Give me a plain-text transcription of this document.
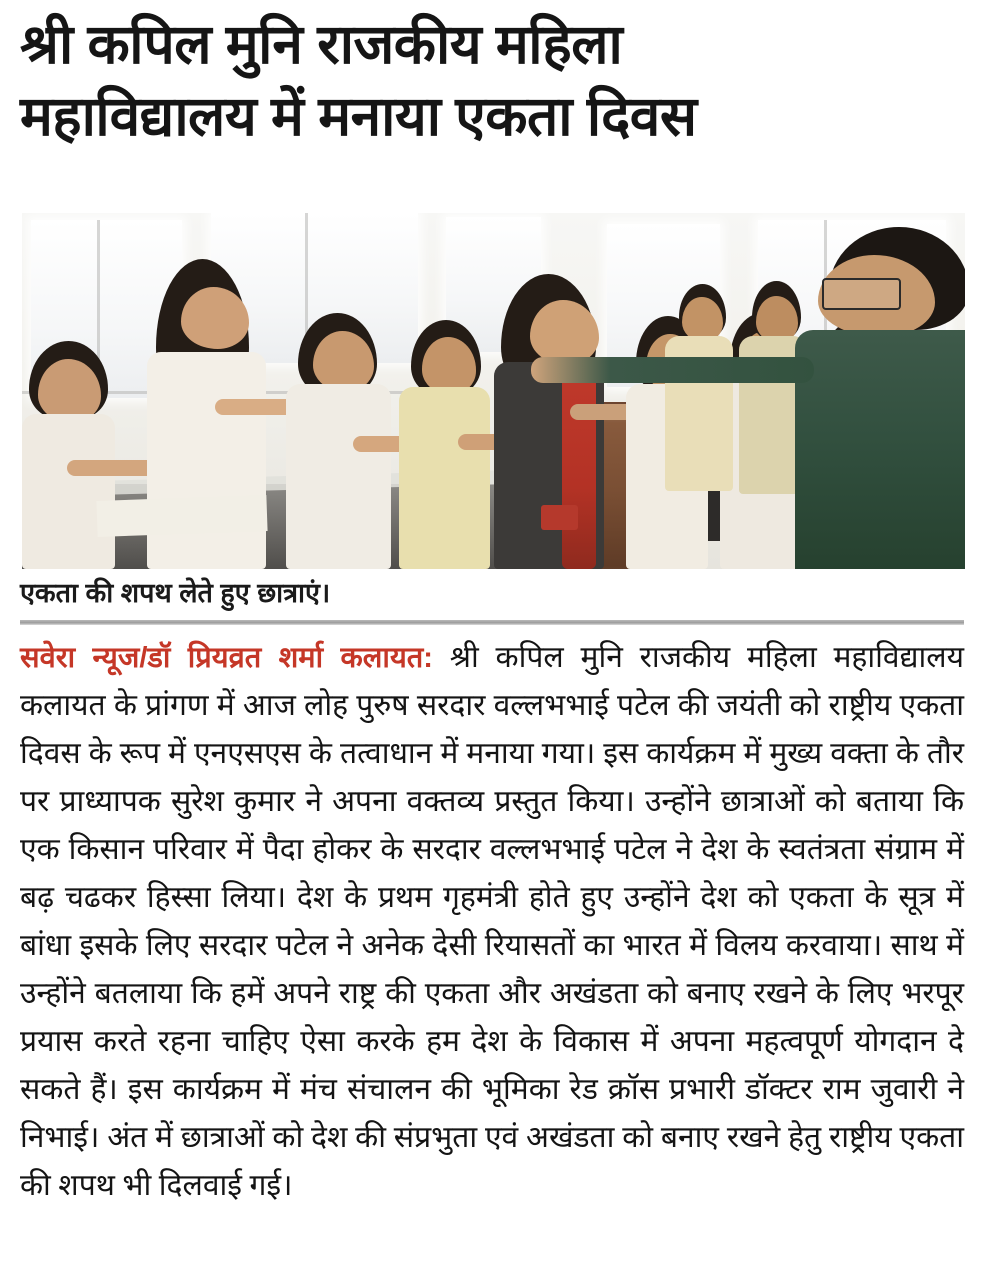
श्री कपिल मुनि राजकीय महिला
महाविद्यालय में मनाया एकता दिवस
एकता की शपथ लेते हुए छात्राएं।

सवेरा न्यूज/डॉ प्रियव्रत शर्मा कलायत: श्री कपिल मुनि राजकीय महिला महाविद्यालय कलायत के प्रांगण में आज लोह पुरुष सरदार वल्लभभाई पटेल की जयंती को राष्ट्रीय एकता दिवस के रूप में एनएसएस के तत्वाधान में मनाया गया। इस कार्यक्रम में मुख्य वक्ता के तौर पर प्राध्यापक सुरेश कुमार ने अपना वक्तव्य प्रस्तुत किया। उन्होंने छात्राओं को बताया कि एक किसान परिवार में पैदा होकर के सरदार वल्लभभाई पटेल ने देश के स्वतंत्रता संग्राम में बढ़ चढकर हिस्सा लिया। देश के प्रथम गृहमंत्री होते हुए उन्होंने देश को एकता के सूत्र में बांधा इसके लिए सरदार पटेल ने अनेक देसी रियासतों का भारत में विलय करवाया। साथ में उन्होंने बतलाया कि हमें अपने राष्ट्र की एकता और अखंडता को बनाए रखने के लिए भरपूर प्रयास करते रहना चाहिए ऐसा करके हम देश के विकास में अपना महत्वपूर्ण योगदान दे सकते हैं। इस कार्यक्रम में मंच संचालन की भूमिका रेड क्रॉस प्रभारी डॉक्टर राम जुवारी ने निभाई। अंत में छात्राओं को देश की संप्रभुता एवं अखंडता को बनाए रखने हेतु राष्ट्रीय एकता की शपथ भी दिलवाई गई।
